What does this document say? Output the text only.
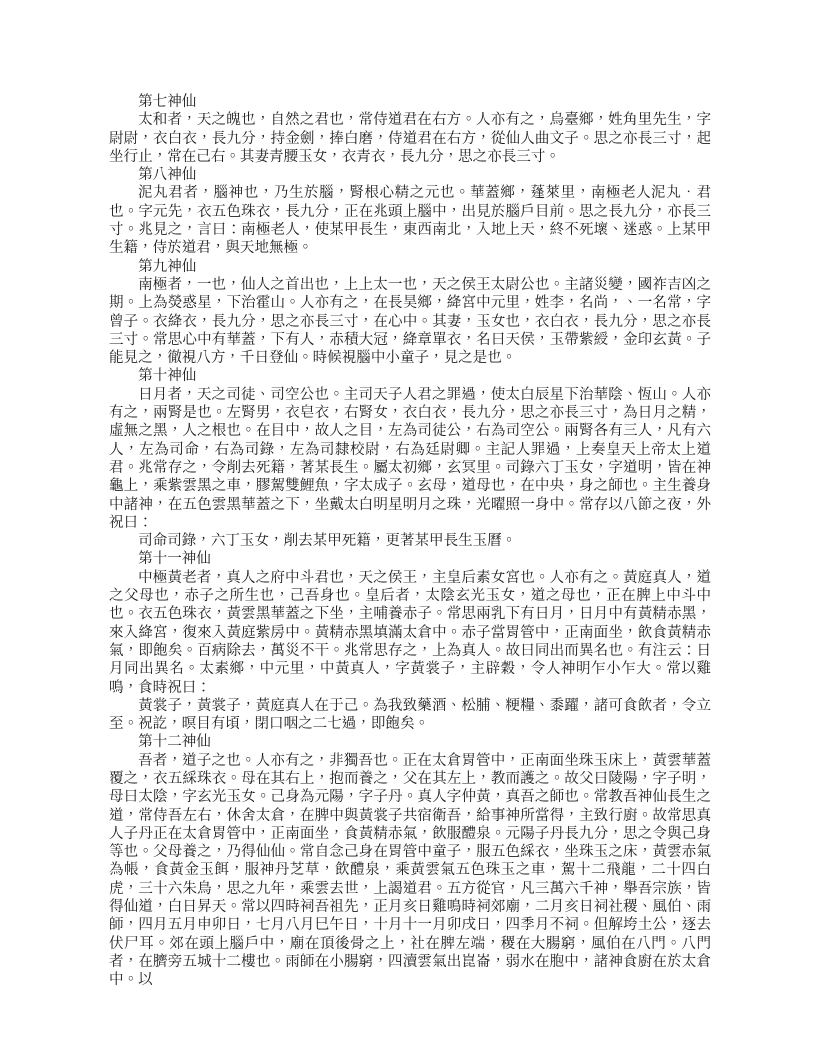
第七神仙

太和者，天之魄也，自然之君也，常侍道君在右方。人亦有之，烏臺鄉，姓角里先生，字尉尉，衣白衣，長九分，持金劍，捧白磨，侍道君在右方，從仙人曲文子。思之亦長三寸，起坐行止，常在己右。其妻青腰玉女，衣青衣，長九分，思之亦長三寸。

第八神仙

泥丸君者，腦神也，乃生於腦，腎根心精之元也。華蓋鄉，蓬萊里，南極老人泥丸．君也。字元先，衣五色珠衣，長九分，正在兆頭上腦中，出見於腦戶目前。思之長九分，亦長三寸。兆見之，言曰：南極老人，使某甲長生，東西南北，入地上天，終不死壞、迷惑。上某甲生籍，侍於道君，與天地無極。

第九神仙

南極者，一也，仙人之首出也，上上太一也，天之侯王太尉公也。主諸災變，國祚吉凶之期。上為熒惑星，下治霍山。人亦有之，在長昊鄉，絳宮中元里，姓李，名尚，、一名常，字曾子。衣絳衣，長九分，思之亦長三寸，在心中。其妻，玉女也，衣白衣，長九分，思之亦長三寸。常思心中有華蓋，下有人，赤積大冠，絳章單衣，名曰天侯，玉帶紫綬，金印玄黃。子能見之，徹視八方，千日登仙。時候視腦中小童子，見之是也。

第十神仙

日月者，天之司徒、司空公也。主司天子人君之罪過，使太白辰星下治華陰、恆山。人亦有之，兩腎是也。左腎男，衣皂衣，右腎女，衣白衣，長九分，思之亦長三寸，為日月之精，虛無之黑，人之根也。在目中，故人之目，左為司徒公，右為司空公。兩腎各有三人，凡有六人，左為司命，右為司錄，左為司隸校尉，右為廷尉卿。主記人罪過，上奏皇天上帝太上道君。兆常存之，令削去死籍，著某長生。屬太初鄉，玄冥里。司錄六丁玉女，字道明，皆在神龜上，乘紫雲黑之車，膠駕雙鯉魚，字太成子。玄母，道母也，在中央，身之師也。主生養身中諸神，在五色雲黑華蓋之下，坐戴太白明星明月之珠，光曜照一身中。常存以八節之夜，外祝曰：

司命司錄，六丁玉女，削去某甲死籍，更著某甲長生玉曆。

第十一神仙

中極黃老者，真人之府中斗君也，天之侯王，主皇后素女宮也。人亦有之。黃庭真人，道之父母也，赤子之所生也，己吾身也。皇后者，太陰玄光玉女，道之母也，正在脾上中斗中也。衣五色珠衣，黃雲黑華蓋之下坐，主哺養赤子。常思兩乳下有日月，日月中有黃精赤黑，來入絳宮，復來入黃庭紫房中。黃精赤黑填滿太倉中。赤子當胃管中，正南面坐，飲食黃精赤氣，即飽矣。百病除去，萬災不干。兆常思存之，上為真人。故曰同出而異名也。有注云：日月同出異名。太素鄉，中元里，中黃真人，字黃裳子，主辟穀，令人神明乍小乍大。常以雞鳴，食時祝曰：

黃裳子，黃裳子，黃庭真人在于己。為我致藥酒、松脯、粳糧、黍躍，諸可食飲者，令立至。祝訖，暝目有頃，閉口咽之二七過，即飽矣。

第十二神仙

吾者，道子之也。人亦有之，非獨吾也。正在太倉胃管中，正南面坐珠玉床上，黃雲華蓋覆之，衣五綵珠衣。母在其右上，抱而養之，父在其左上，教而護之。故父曰陵陽，字子明，母曰太陰，字玄光玉女。己身為元陽，字子丹。真人字仲黃，真吾之師也。常教吾神仙長生之道，常侍吾左右，休舍太倉，在脾中與黃裳子共宿衛吾，給事神所當得，主致行廚。故常思真人子丹正在太倉胃管中，正南面坐，食黃精赤氣，飲服醴泉。元陽子丹長九分，思之令與己身等也。父母養之，乃得仙仙。常自念己身在胃管中童子，服五色綵衣，坐珠玉之床，黃雲赤氣為帳，食黃金玉餌，服神丹芝草，飲醴泉，乘黃雲氣五色珠玉之車，駕十二飛龍，二十四白虎，三十六朱鳥，思之九年，乘雲去世，上謁道君。五方從官，凡三萬六千神，舉吾宗族，皆得仙道，白日昇天。常以四時祠吾祖先，正月亥日雞鳴時祠郊廟，二月亥日祠社稷、風伯、雨師，四月五月申卯日，七月八月巳午日，十月十一月卯戌日，四季月不祠。但解垮土公，逐去伏尸耳。郊在頭上腦戶中，廟在頂後骨之上，社在脾左端，稷在大腸窮，風伯在八門。八門者，在臍旁五城十二樓也。雨師在小腸窮，四瀆雲氣出崑崙，弱水在胞中，諸神食廚在於太倉中。以
